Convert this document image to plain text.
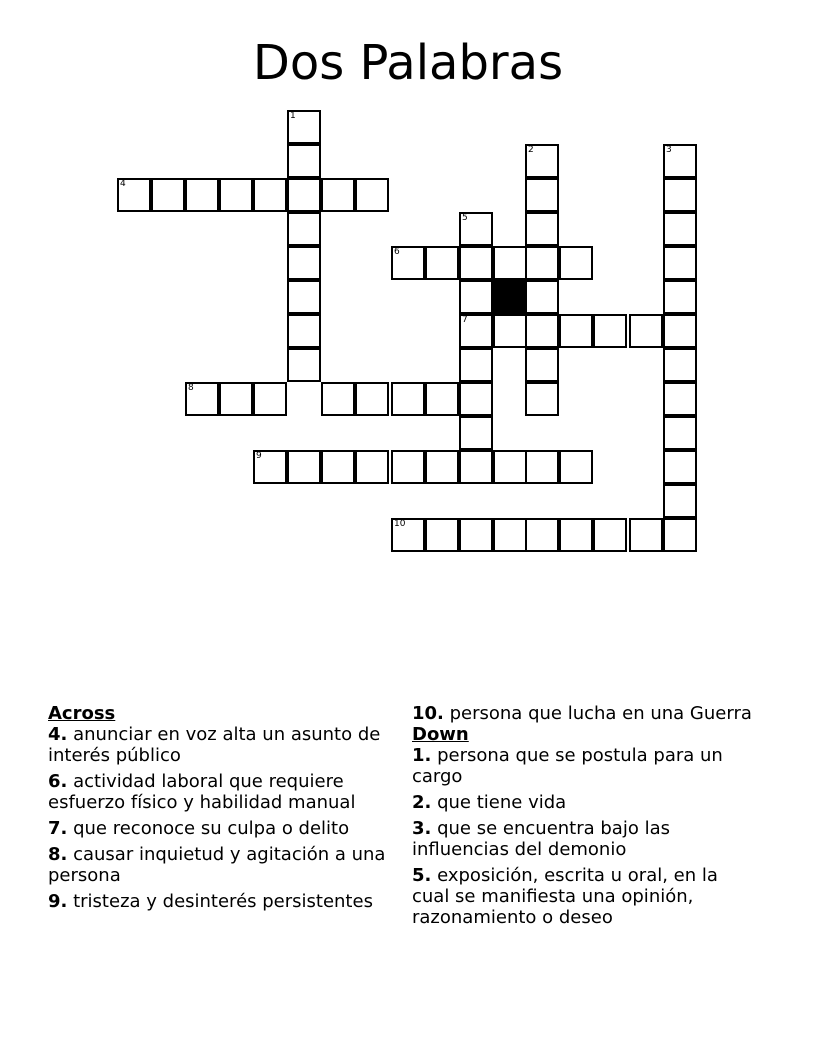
Dos Palabras
1
2	3
4
5
7
6
8
9
10
Across
4. anunciar en voz alta un asunto de interés público
6. actividad laboral que requiere esfuerzo físico y habilidad manual
7. que reconoce su culpa o delito
8. causar inquietud y agitación a una persona
9. tristeza y desinterés persistentes
10. persona que lucha en una Guerra
Down
1. persona que se postula para un cargo
2. que tiene vida
3. que se encuentra bajo las influencias del demonio
5. exposición, escrita u oral, en la cual se manifiesta una opinión, razonamiento o deseo
